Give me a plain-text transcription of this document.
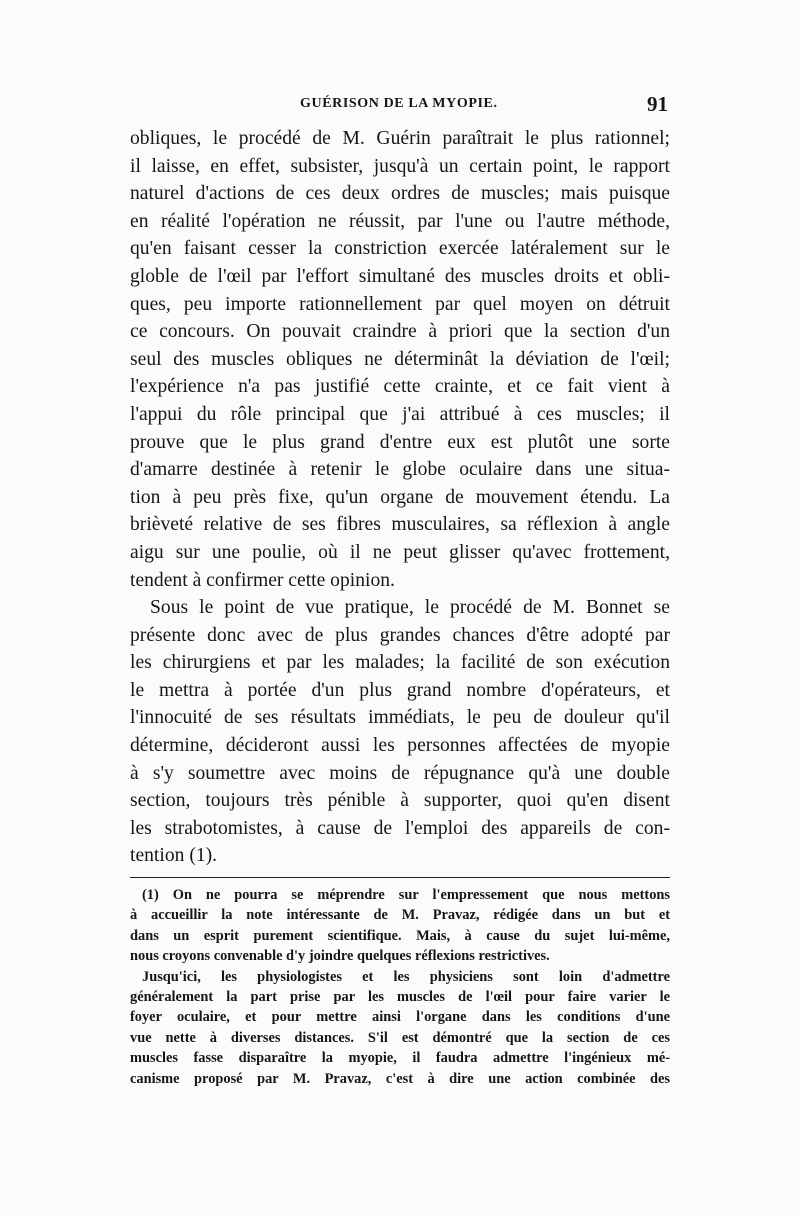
GUÉRISON DE LA MYOPIE.	91
obliques, le procédé de M. Guérin paraîtrait le plus rationnel;
il laisse, en effet, subsister, jusqu'à un certain point, le rapport
naturel d'actions de ces deux ordres de muscles; mais puisque
en réalité l'opération ne réussit, par l'une ou l'autre méthode,
qu'en faisant cesser la constriction exercée latéralement sur le
globle de l'œil par l'effort simultané des muscles droits et obli-
ques, peu importe rationnellement par quel moyen on détruit
ce concours. On pouvait craindre à priori que la section d'un
seul des muscles obliques ne déterminât la déviation de l'œil;
l'expérience n'a pas justifié cette crainte, et ce fait vient à
l'appui du rôle principal que j'ai attribué à ces muscles; il
prouve que le plus grand d'entre eux est plutôt une sorte
d'amarre destinée à retenir le globe oculaire dans une situa-
tion à peu près fixe, qu'un organe de mouvement étendu. La
brièveté relative de ses fibres musculaires, sa réflexion à angle
aigu sur une poulie, où il ne peut glisser qu'avec frottement,
tendent à confirmer cette opinion.
Sous le point de vue pratique, le procédé de M. Bonnet se
présente donc avec de plus grandes chances d'être adopté par
les chirurgiens et par les malades; la facilité de son exécution
le mettra à portée d'un plus grand nombre d'opérateurs, et
l'innocuité de ses résultats immédiats, le peu de douleur qu'il
détermine, décideront aussi les personnes affectées de myopie
à s'y soumettre avec moins de répugnance qu'à une double
section, toujours très pénible à supporter, quoi qu'en disent
les strabotomistes, à cause de l'emploi des appareils de con-
tention (1).
(1) On ne pourra se méprendre sur l'empressement que nous mettons
à accueillir la note intéressante de M. Pravaz, rédigée dans un but et
dans un esprit purement scientifique. Mais, à cause du sujet lui-même,
nous croyons convenable d'y joindre quelques réflexions restrictives.
Jusqu'ici, les physiologistes et les physiciens sont loin d'admettre
généralement la part prise par les muscles de l'œil pour faire varier le
foyer oculaire, et pour mettre ainsi l'organe dans les conditions d'une
vue nette à diverses distances. S'il est démontré que la section de ces
muscles fasse disparaître la myopie, il faudra admettre l'ingénieux mé-
canisme proposé par M. Pravaz, c'est à dire une action combinée des
